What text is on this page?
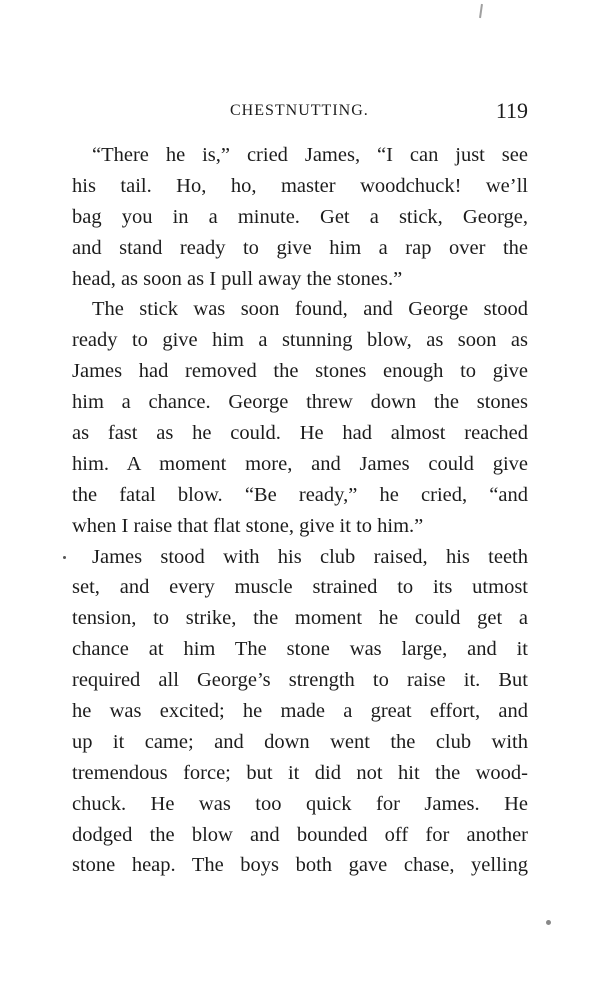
CHESTNUTTING.	119
“There he is,” cried James, “I can just see
his tail. Ho, ho, master woodchuck! we’ll
bag you in a minute. Get a stick, George,
and stand ready to give him a rap over the
head, as soon as I pull away the stones.”
The stick was soon found, and George stood
ready to give him a stunning blow, as soon as
James had removed the stones enough to give
him a chance. George threw down the stones
as fast as he could. He had almost reached
him. A moment more, and James could give
the fatal blow. “Be ready,” he cried, “and
when I raise that flat stone, give it to him.”
James stood with his club raised, his teeth
set, and every muscle strained to its utmost
tension, to strike, the moment he could get a
chance at him The stone was large, and it
required all George’s strength to raise it. But
he was excited; he made a great effort, and
up it came; and down went the club with
tremendous force; but it did not hit the wood-
chuck. He was too quick for James. He
dodged the blow and bounded off for another
stone heap. The boys both gave chase, yelling
